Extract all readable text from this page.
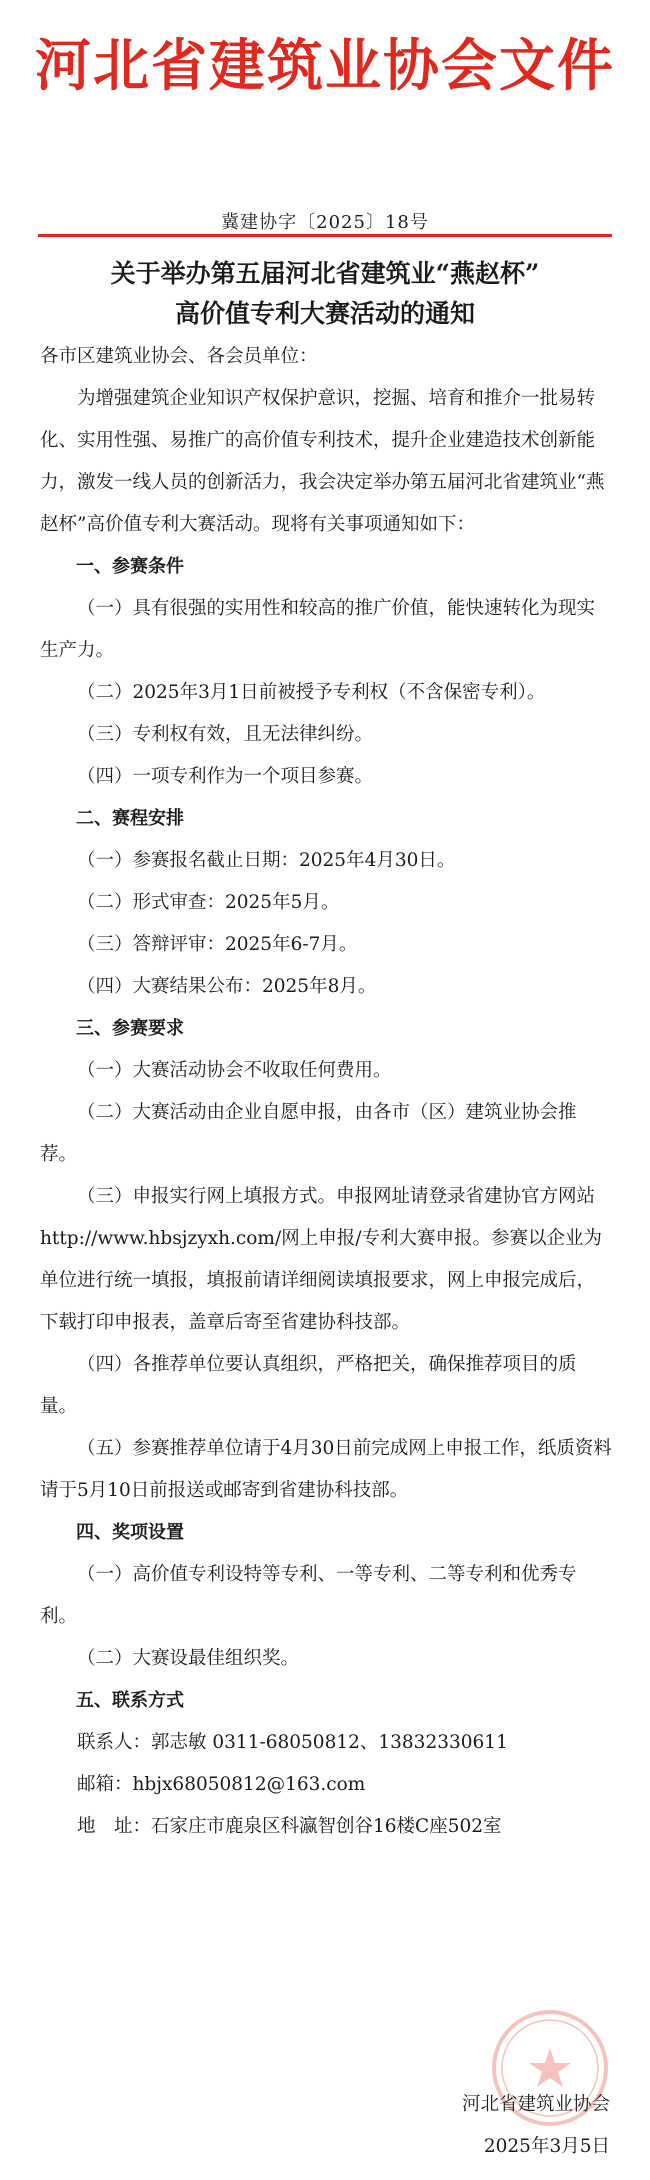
河北省建筑业协会文件
冀建协字〔2025〕18号
关于举办第五届河北省建筑业“燕赵杯”
高价值专利大赛活动的通知

各市区建筑业协会、各会员单位：

为增强建筑企业知识产权保护意识，挖掘、培育和推介一批易转化、实用性强、易推广的高价值专利技术，提升企业建造技术创新能力，激发一线人员的创新活力，我会决定举办第五届河北省建筑业“燕赵杯”高价值专利大赛活动。现将有关事项通知如下：

一、参赛条件

（一）具有很强的实用性和较高的推广价值，能快速转化为现实生产力。

（二）2025年3月1日前被授予专利权（不含保密专利）。

（三）专利权有效，且无法律纠纷。

（四）一项专利作为一个项目参赛。

二、赛程安排

（一）参赛报名截止日期：2025年4月30日。

（二）形式审查：2025年5月。

（三）答辩评审：2025年6-7月。

（四）大赛结果公布：2025年8月。

三、参赛要求

（一）大赛活动协会不收取任何费用。

（二）大赛活动由企业自愿申报，由各市（区）建筑业协会推荐。

（三）申报实行网上填报方式。申报网址请登录省建协官方网站http://www.hbsjzyxh.com/网上申报/专利大赛申报。参赛以企业为单位进行统一填报，填报前请详细阅读填报要求，网上申报完成后，下载打印申报表，盖章后寄至省建协科技部。

（四）各推荐单位要认真组织，严格把关，确保推荐项目的质量。

（五）参赛推荐单位请于4月30日前完成网上申报工作，纸质资料请于5月10日前报送或邮寄到省建协科技部。

四、奖项设置

（一）高价值专利设特等专利、一等专利、二等专利和优秀专利。

（二）大赛设最佳组织奖。

五、联系方式

联系人：郭志敏 0311-68050812、13832330611

邮箱：hbjx68050812@163.com

地　址：石家庄市鹿泉区科瀛智创谷16楼C座502室

河北省建筑业协会
2025年3月5日
